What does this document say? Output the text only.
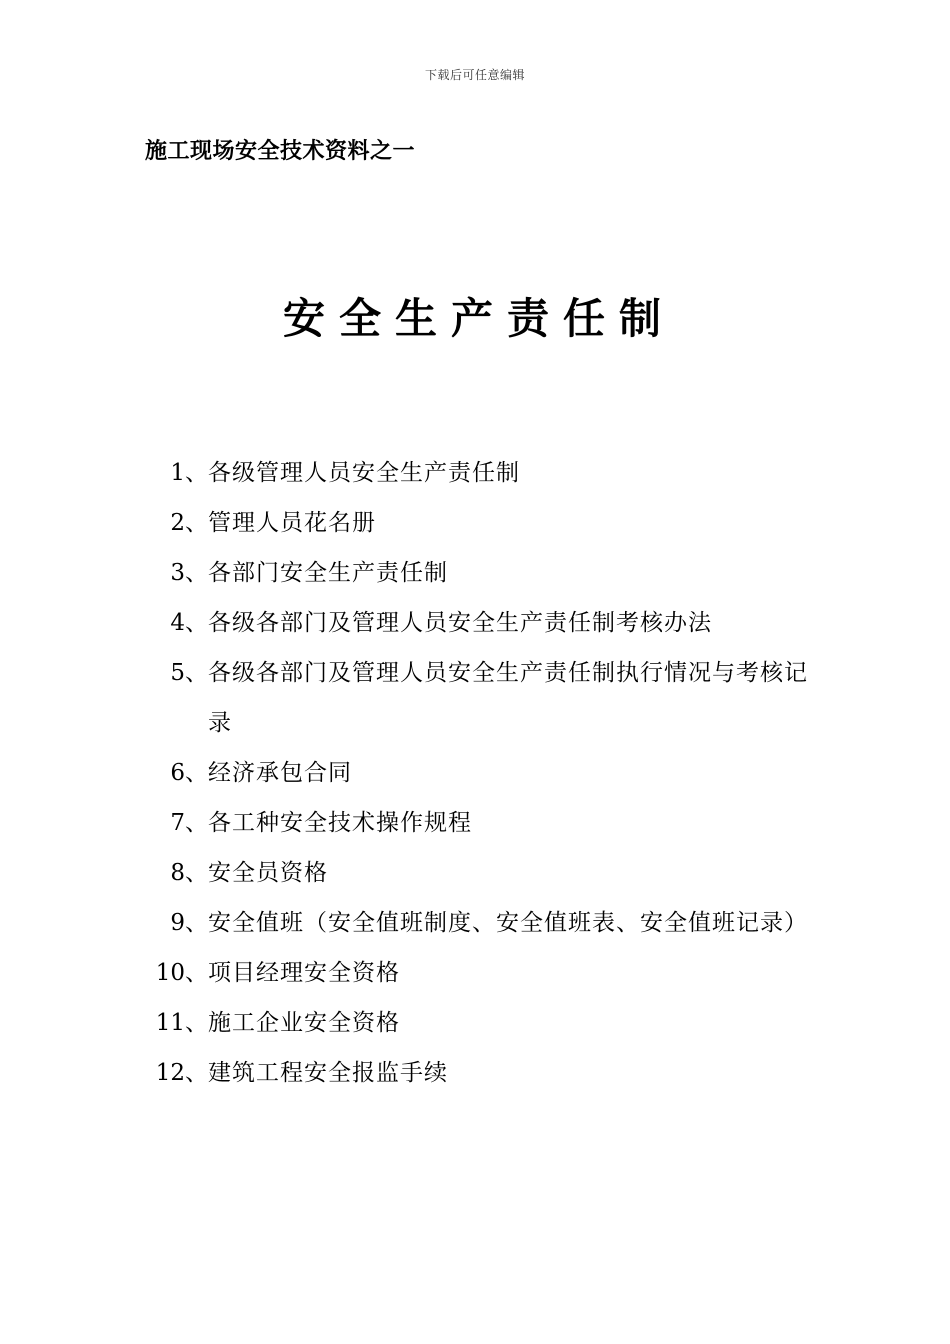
下载后可任意编辑
施工现场安全技术资料之一
安全生产责任制
1、 各级管理人员安全生产责任制
2、 管理人员花名册
3、 各部门安全生产责任制
4、 各级各部门及管理人员安全生产责任制考核办法
5、 各级各部门及管理人员安全生产责任制执行情况与考核记录
6、 经济承包合同
7、 各工种安全技术操作规程
8、 安全员资格
9、 安全值班（安全值班制度、安全值班表、安全值班记录）
10、 项目经理安全资格
11、 施工企业安全资格
12、 建筑工程安全报监手续
